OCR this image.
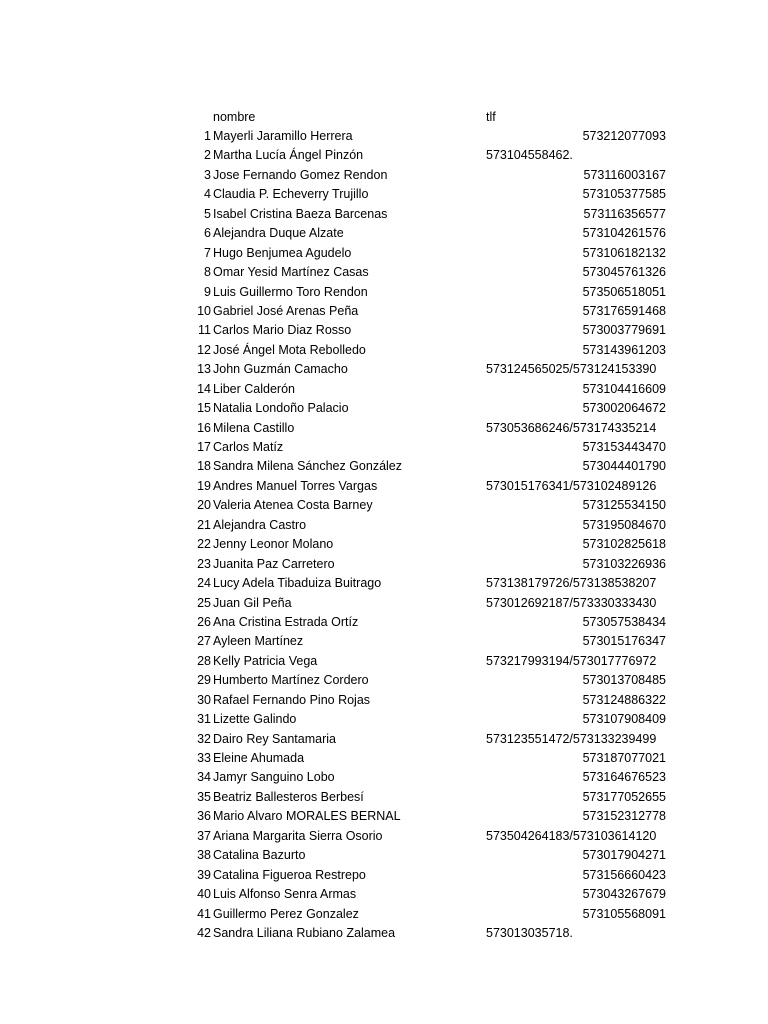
nombre	tlf
1 Mayerli Jaramillo Herrera	573212077093
2 Martha Lucía Ángel Pinzón	573104558462.
3 Jose Fernando Gomez Rendon	573116003167
4 Claudia P. Echeverry Trujillo	573105377585
5 Isabel Cristina Baeza Barcenas	573116356577
6 Alejandra Duque Alzate	573104261576
7 Hugo Benjumea Agudelo	573106182132
8 Omar Yesid Martínez Casas	573045761326
9 Luis Guillermo Toro Rendon	573506518051
10 Gabriel José Arenas Peña	573176591468
11 Carlos Mario Diaz Rosso	573003779691
12 José Ángel Mota Rebolledo	573143961203
13 John Guzmán Camacho	573124565025/573124153390
14 Liber Calderón	573104416609
15 Natalia Londoño Palacio	573002064672
16 Milena Castillo	573053686246/573174335214
17 Carlos Matíz	573153443470
18 Sandra Milena Sánchez González	573044401790
19 Andres Manuel Torres Vargas	573015176341/573102489126
20 Valeria Atenea Costa Barney	573125534150
21 Alejandra Castro	573195084670
22 Jenny Leonor Molano	573102825618
23 Juanita Paz Carretero	573103226936
24 Lucy Adela Tibaduiza Buitrago	573138179726/573138538207
25 Juan Gil Peña	573012692187/573330333430
26 Ana Cristina Estrada Ortíz	573057538434
27 Ayleen Martínez	573015176347
28 Kelly Patricia Vega	573217993194/573017776972
29 Humberto Martínez Cordero	573013708485
30 Rafael Fernando Pino Rojas	573124886322
31 Lizette Galindo	573107908409
32 Dairo Rey Santamaria	573123551472/573133239499
33 Eleine Ahumada	573187077021
34 Jamyr Sanguino Lobo	573164676523
35 Beatriz Ballesteros Berbesí	573177052655
36 Mario Alvaro MORALES BERNAL	573152312778
37 Ariana Margarita Sierra Osorio	573504264183/573103614120
38 Catalina Bazurto	573017904271
39 Catalina Figueroa Restrepo	573156660423
40 Luis Alfonso Senra Armas	573043267679
41 Guillermo Perez Gonzalez	573105568091
42 Sandra Liliana Rubiano Zalamea	573013035718.
